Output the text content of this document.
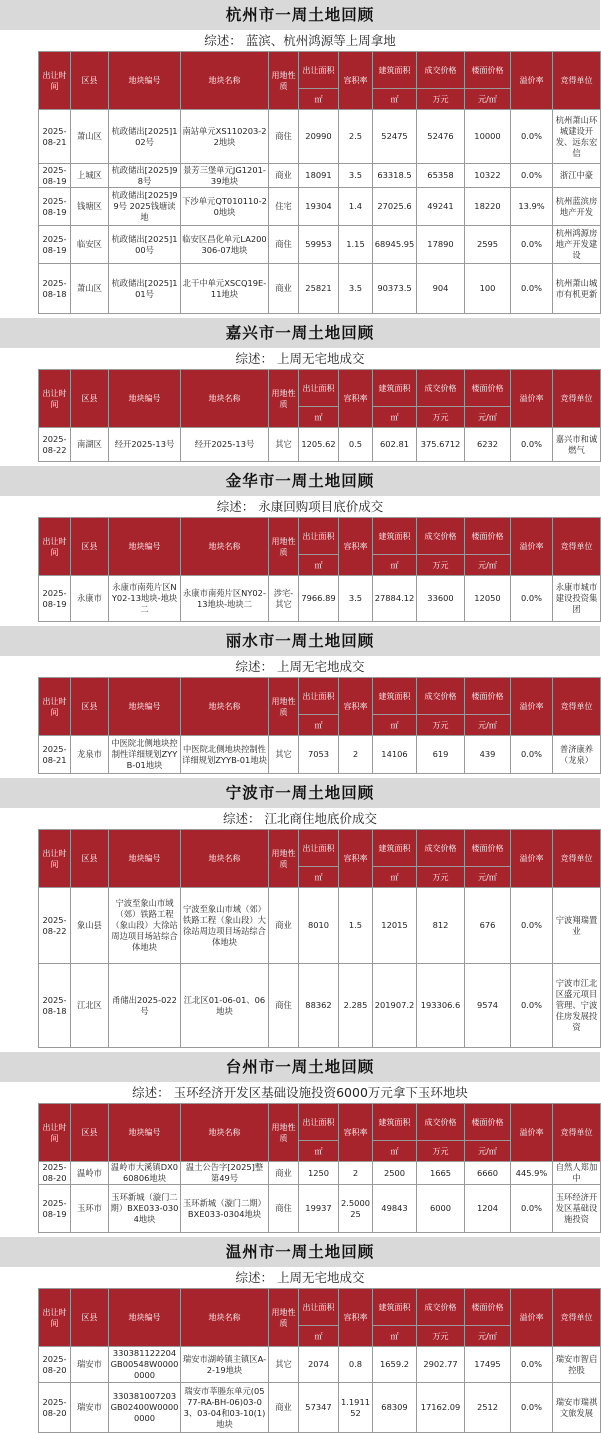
杭州市一周土地回顾
综述： 蓝滨、杭州鸿源等上周拿地
出让时间	区县	地块编号	地块名称	用地性质	出让面积	容积率	建筑面积	成交价格	楼面价格	溢价率	竞得单位
					㎡		㎡	万元	元/㎡		
2025-08-21	萧山区	杭政储出[2025]102号	南站单元XS110203-22地块	商住	20990	2.5	52475	52476	10000	0.0%	杭州萧山环城建设开发、远东宏信
2025-08-19	上城区	杭政储出[2025]98号	景芳三堡单元JG1201-39地块	商业	18091	3.5	63318.5	65358	10322	0.0%	浙江中豪
2025-08-19	钱塘区	杭政储出[2025]99号 2025钱塘读地	下沙单元QT010110-20地块	住宅	19304	1.4	27025.6	49241	18220	13.9%	杭州蓝滨房地产开发
2025-08-19	临安区	杭政储出[2025]100号	临安区昌化单元LA200306-07地块	商住	59953	1.15	68945.95	17890	2595	0.0%	杭州鸿源房地产开发建设
2025-08-18	萧山区	杭政储出[2025]101号	北干中单元XSCQ19E-11地块	商业	25821	3.5	90373.5	904	100	0.0%	杭州萧山城市有机更新
嘉兴市一周土地回顾
综述： 上周无宅地成交
出让时间	区县	地块编号	地块名称	用地性质	出让面积	容积率	建筑面积	成交价格	楼面价格	溢价率	竞得单位
					㎡		㎡	万元	元/㎡		
2025-08-22	南湖区	经开2025-13号	经开2025-13号	其它	1205.62	0.5	602.81	375.6712	6232	0.0%	嘉兴市和诚燃气
金华市一周土地回顾
综述： 永康回购项目底价成交
出让时间	区县	地块编号	地块名称	用地性质	出让面积	容积率	建筑面积	成交价格	楼面价格	溢价率	竞得单位
					㎡		㎡	万元	元/㎡		
2025-08-19	永康市	永康市南苑片区NY02-13地块-地块二	永康市南苑片区NY02-13地块-地块二	涉宅-其它	7966.89	3.5	27884.12	33600	12050	0.0%	永康市城市建设投资集团
丽水市一周土地回顾
综述： 上周无宅地成交
出让时间	区县	地块编号	地块名称	用地性质	出让面积	容积率	建筑面积	成交价格	楼面价格	溢价率	竞得单位
					㎡		㎡	万元	元/㎡		
2025-08-21	龙泉市	中医院北侧地块控制性详细规划ZYYB-01地块	中医院北侧地块控制性详细规划ZYYB-01地块	其它	7053	2	14106	619	439	0.0%	普济康养（龙泉）
宁波市一周土地回顾
综述： 江北商住地底价成交
出让时间	区县	地块编号	地块名称	用地性质	出让面积	容积率	建筑面积	成交价格	楼面价格	溢价率	竞得单位
					㎡		㎡	万元	元/㎡		
2025-08-22	象山县	宁波至象山市域（郊）铁路工程（象山段）大徐站周边项目场站综合体地块	宁波至象山市域（郊）铁路工程（象山段）大徐站周边项目场站综合体地块	商业	8010	1.5	12015	812	676	0.0%	宁波翔瑞置业
2025-08-18	江北区	甬储出2025-022号	江北区01-06-01、06地块	商住	88362	2.285	201907.2	193306.6	9574	0.0%	宁波市江北区盛元项目管理、宁波住房发展投资
台州市一周土地回顾
综述： 玉环经济开发区基础设施投资6000万元拿下玉环地块
出让时间	区县	地块编号	地块名称	用地性质	出让面积	容积率	建筑面积	成交价格	楼面价格	溢价率	竞得单位
					㎡		㎡	万元	元/㎡		
2025-08-20	温岭市	温岭市大溪镇DX060806地块	温土公告字[2025]整第49号	商业	1250	2	2500	1665	6660	445.9%	自然人郑加中
2025-08-19	玉环市	玉环新城（漩门二期）BXE033-0304地块	玉环新城（漩门二期）BXE033-0304地块	商住	19937	2.500025	49843	6000	1204	0.0%	玉环经济开发区基础设施投资
温州市一周土地回顾
综述： 上周无宅地成交
出让时间	区县	地块编号	地块名称	用地性质	出让面积	容积率	建筑面积	成交价格	楼面价格	溢价率	竞得单位
					㎡		㎡	万元	元/㎡		
2025-08-20	瑞安市	330381122204GB00548W00000000	瑞安市湖岭镇主镇区A-2-19地块	其它	2074	0.8	1659.2	2902.77	17495	0.0%	瑞安市智启控股
2025-08-20	瑞安市	330381007203GB02400W00000000	瑞安市莘塍东单元(0577-RA-BH-06)03-03、03-04和03-10(1)地块	商业	57347	1.191152	68309	17162.09	2512	0.0%	瑞安市瑞祺文旅发展
